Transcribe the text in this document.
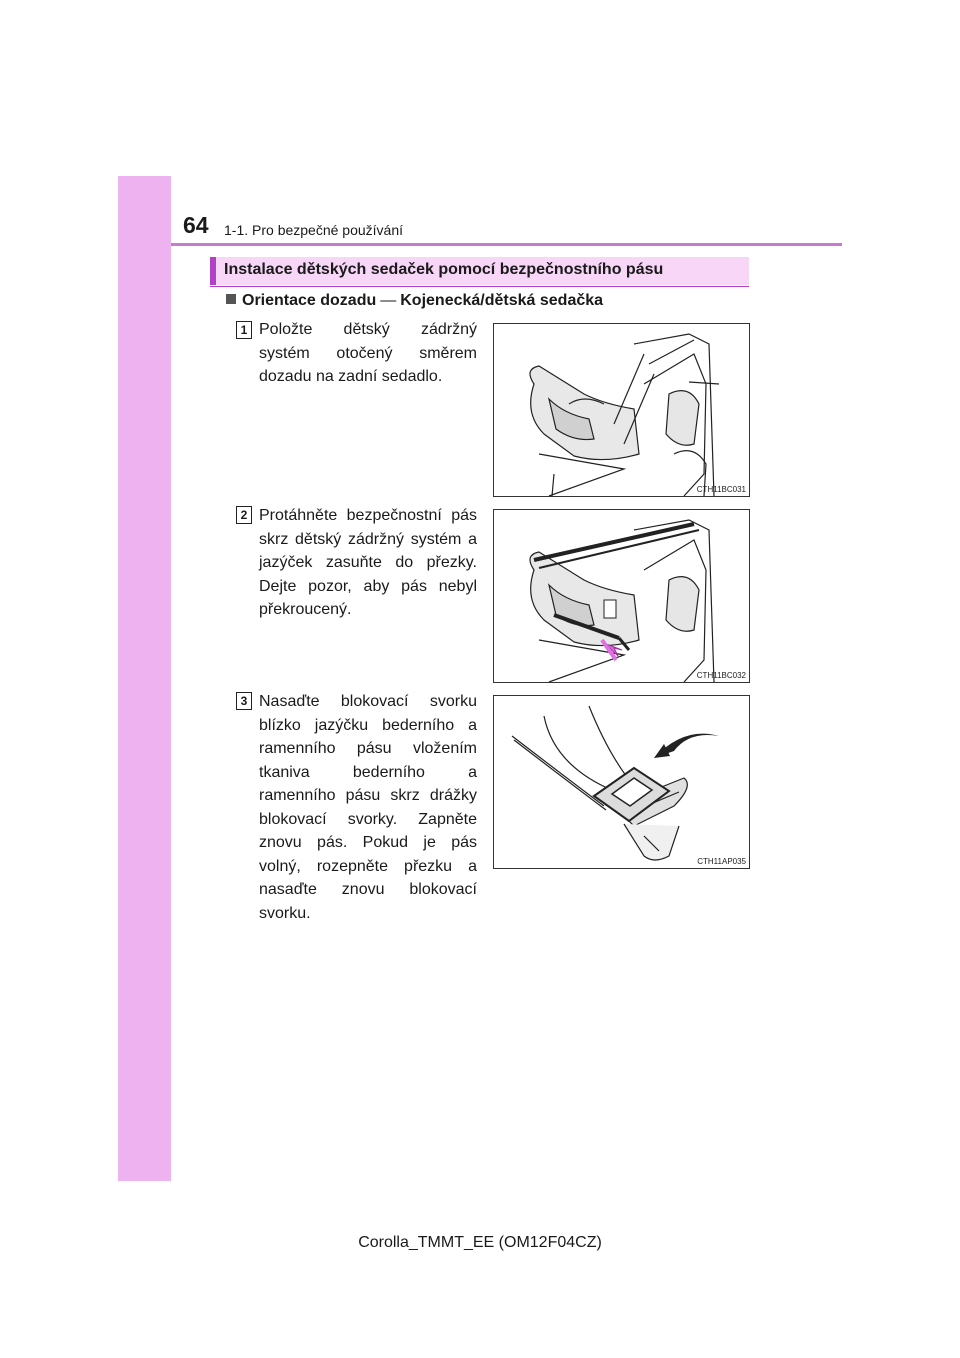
64 1-1. Pro bezpečné používání
Instalace dětských sedaček pomocí bezpečnostního pásu
Orientace dozadu — Kojenecká/dětská sedačka
1 Položte dětský zádržný systém otočený směrem dozadu na zadní sedadlo.
CTH11BC031
2 Protáhněte bezpečnostní pás skrz dětský zádržný systém a jazýček zasuňte do přezky. Dejte pozor, aby pás nebyl překroucený.
CTH11BC032
3 Nasaďte blokovací svorku blízko jazýčku bederního a ramenního pásu vložením tkaniva bederního a ramenního pásu skrz drážky blokovací svorky. Zapněte znovu pás. Pokud je pás volný, rozepněte přezku a nasaďte znovu blokovací svorku.
CTH11AP035
Corolla_TMMT_EE (OM12F04CZ)
